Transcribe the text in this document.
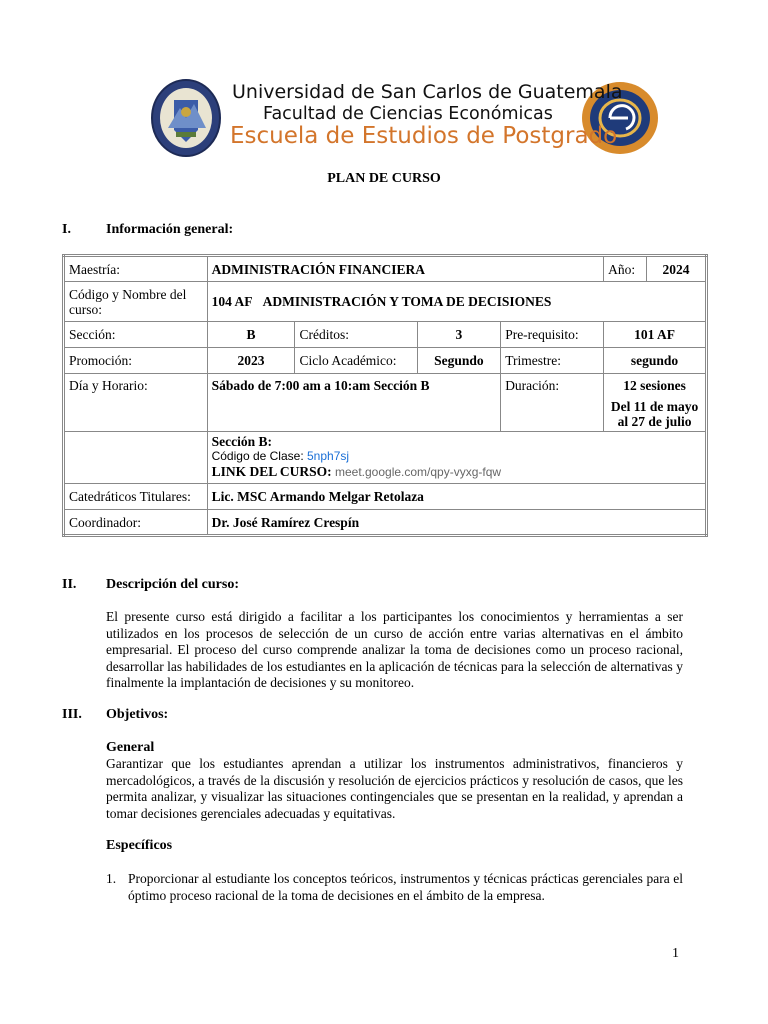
Universidad de San Carlos de Guatemala
Facultad de Ciencias Económicas
Escuela de Estudios de Postgrado
PLAN DE CURSO
I.	Información general:
Maestría:	ADMINISTRACIÓN FINANCIERA				Año:	2024
Código y Nombre del curso:	104 AF ADMINISTRACIÓN Y TOMA DE DECISIONES					
Sección:	B	Créditos:	3	Pre-requisito:	101 AF	
Promoción:	2023	Ciclo Académico:	Segundo	Trimestre:	segundo	
Día y Horario:	Sábado de 7:00 am a 10:am Sección B			Duración:	12 sesiones
Del 11 de mayo al 27 de julio	

	Sección B:
Código de Clase: 5nph7sj
LINK DEL CURSO: meet.google.com/qpy-vyxg-fqw					

Catedráticos Titulares:	Lic. MSC Armando Melgar Retolaza					
Coordinador:	Dr. José Ramírez Crespín					
II. Descripción del curso:
El presente curso está dirigido a facilitar a los participantes los conocimientos y herramientas a ser utilizados en los procesos de selección de un curso de acción entre varias alternativas en el ámbito empresarial. El proceso del curso comprende analizar la toma de decisiones como un proceso racional, desarrollar las habilidades de los estudiantes en la aplicación de técnicas para la selección de alternativas y finalmente la implantación de decisiones y su monitoreo.
III. Objetivos:
General
Garantizar que los estudiantes aprendan a utilizar los instrumentos administrativos, financieros y mercadológicos, a través de la discusión y resolución de ejercicios prácticos y resolución de casos, que les permita analizar, y visualizar las situaciones contingenciales que se presentan en la realidad, y aprendan a tomar decisiones gerenciales adecuadas y equitativas.
Específicos
1. Proporcionar al estudiante los conceptos teóricos, instrumentos y técnicas prácticas gerenciales para el óptimo proceso racional de la toma de decisiones en el ámbito de la empresa.
1
